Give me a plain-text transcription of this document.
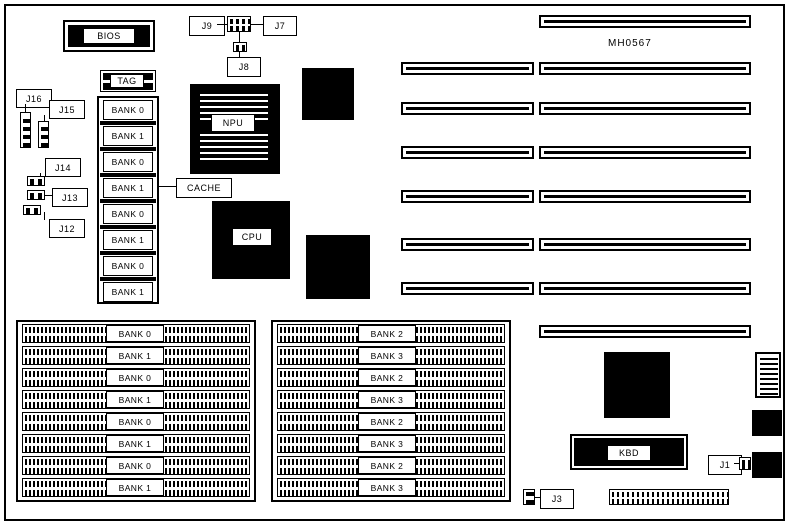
MH0567
BIOS
TAG
BANK 0
BANK 1
BANK 0
BANK 1
BANK 0
BANK 1
BANK 0
BANK 1
CACHE
NPU
CPU
BANK 0
BANK 1
BANK 0
BANK 1
BANK 0
BANK 1
BANK 0
BANK 1
BANK 2
BANK 3
BANK 2
BANK 3
BANK 2
BANK 3
BANK 2
BANK 3
KBD
J16
J15
J14
J13
J12
J9	J7
J8
J3
J1
